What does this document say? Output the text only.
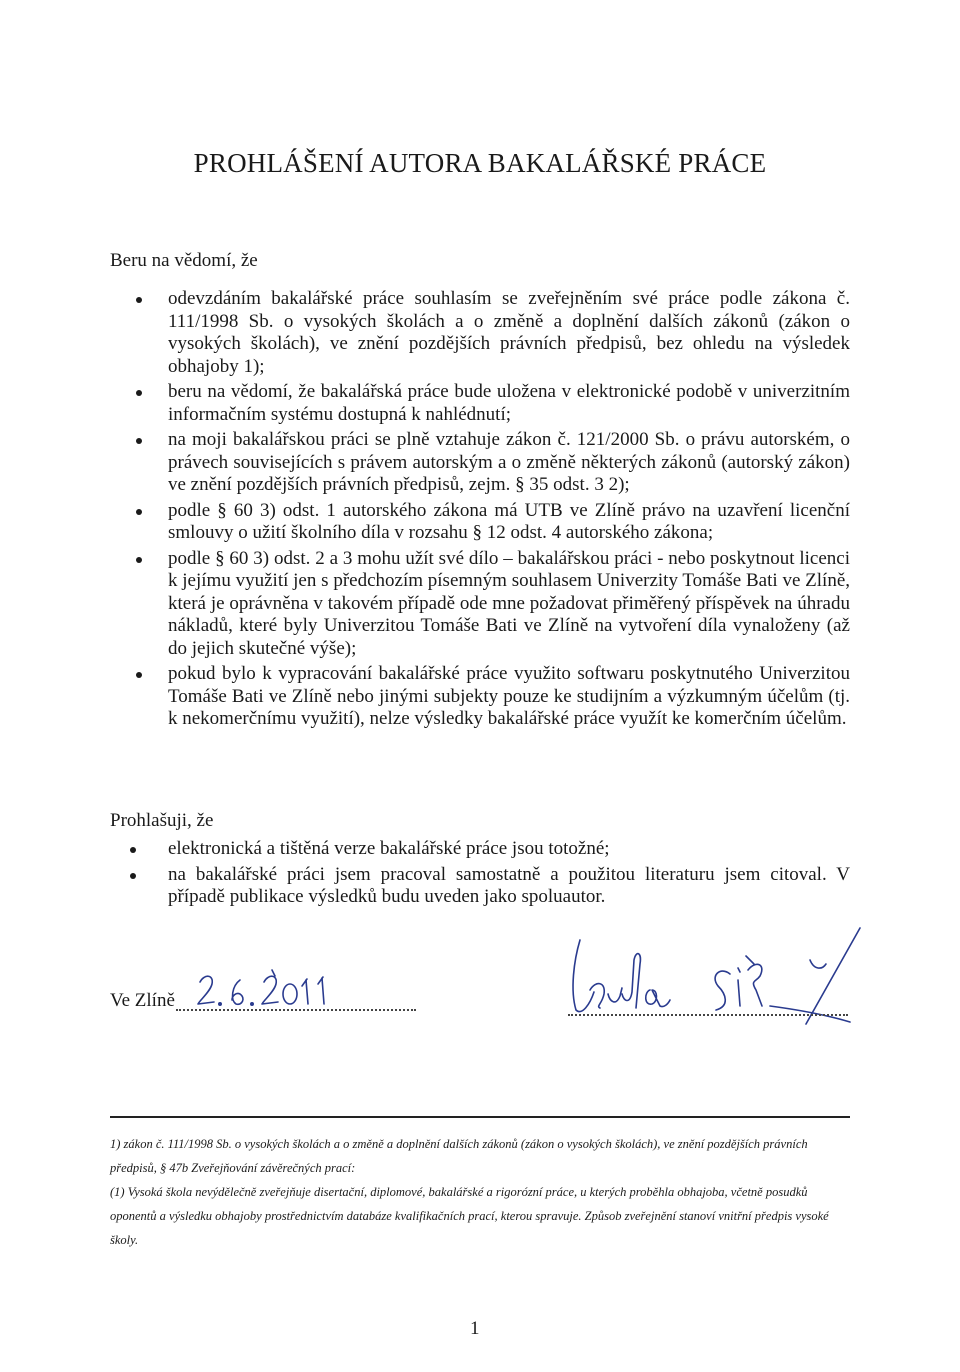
PROHLÁŠENÍ AUTORA BAKALÁŘSKÉ PRÁCE

Beru na vědomí, že

odevzdáním bakalářské práce souhlasím se zveřejněním své práce podle zákona č. 111/1998 Sb. o vysokých školách a o změně a doplnění dalších zákonů (zákon o vysokých školách), ve znění pozdějších právních předpisů, bez ohledu na výsledek obhajoby 1);
beru na vědomí, že bakalářská práce bude uložena v elektronické podobě v univerzitním informačním systému dostupná k nahlédnutí;
na moji bakalářskou práci se plně vztahuje zákon č. 121/2000 Sb. o právu autorském, o právech souvisejících s právem autorským a o změně některých zákonů (autorský zákon) ve znění pozdějších právních předpisů, zejm. § 35 odst. 3 2);
podle § 60 3) odst. 1 autorského zákona má UTB ve Zlíně právo na uzavření licenční smlouvy o užití školního díla v rozsahu § 12 odst. 4 autorského zákona;
podle § 60 3) odst. 2 a 3 mohu užít své dílo – bakalářskou práci - nebo poskytnout licenci k jejímu využití jen s předchozím písemným souhlasem Univerzity Tomáše Bati ve Zlíně, která je oprávněna v takovém případě ode mne požadovat přiměřený příspěvek na úhradu nákladů, které byly Univerzitou Tomáše Bati ve Zlíně na vytvoření díla vynaloženy (až do jejich skutečné výše);
pokud bylo k vypracování bakalářské práce využito softwaru poskytnutého Univerzitou Tomáše Bati ve Zlíně nebo jinými subjekty pouze ke studijním a výzkumným účelům (tj. k nekomerčnímu využití), nelze výsledky bakalářské práce využít ke komerčním účelům.

Prohlašuji, že

elektronická a tištěná verze bakalářské práce jsou totožné;
na bakalářské práci jsem pracoval samostatně a použitou literaturu jsem citoval. V případě publikace výsledků budu uveden jako spoluautor.
Ve Zlíně

1) zákon č. 111/1998 Sb. o vysokých školách a o změně a doplnění dalších zákonů (zákon o vysokých školách), ve znění pozdějších právních předpisů, § 47b Zveřejňování závěrečných prací:

(1) Vysoká škola nevýdělečně zveřejňuje disertační, diplomové, bakalářské a rigorózní práce, u kterých proběhla obhajoba, včetně posudků oponentů a výsledku obhajoby prostřednictvím databáze kvalifikačních prací, kterou spravuje. Způsob zveřejnění stanoví vnitřní předpis vysoké školy.

1
